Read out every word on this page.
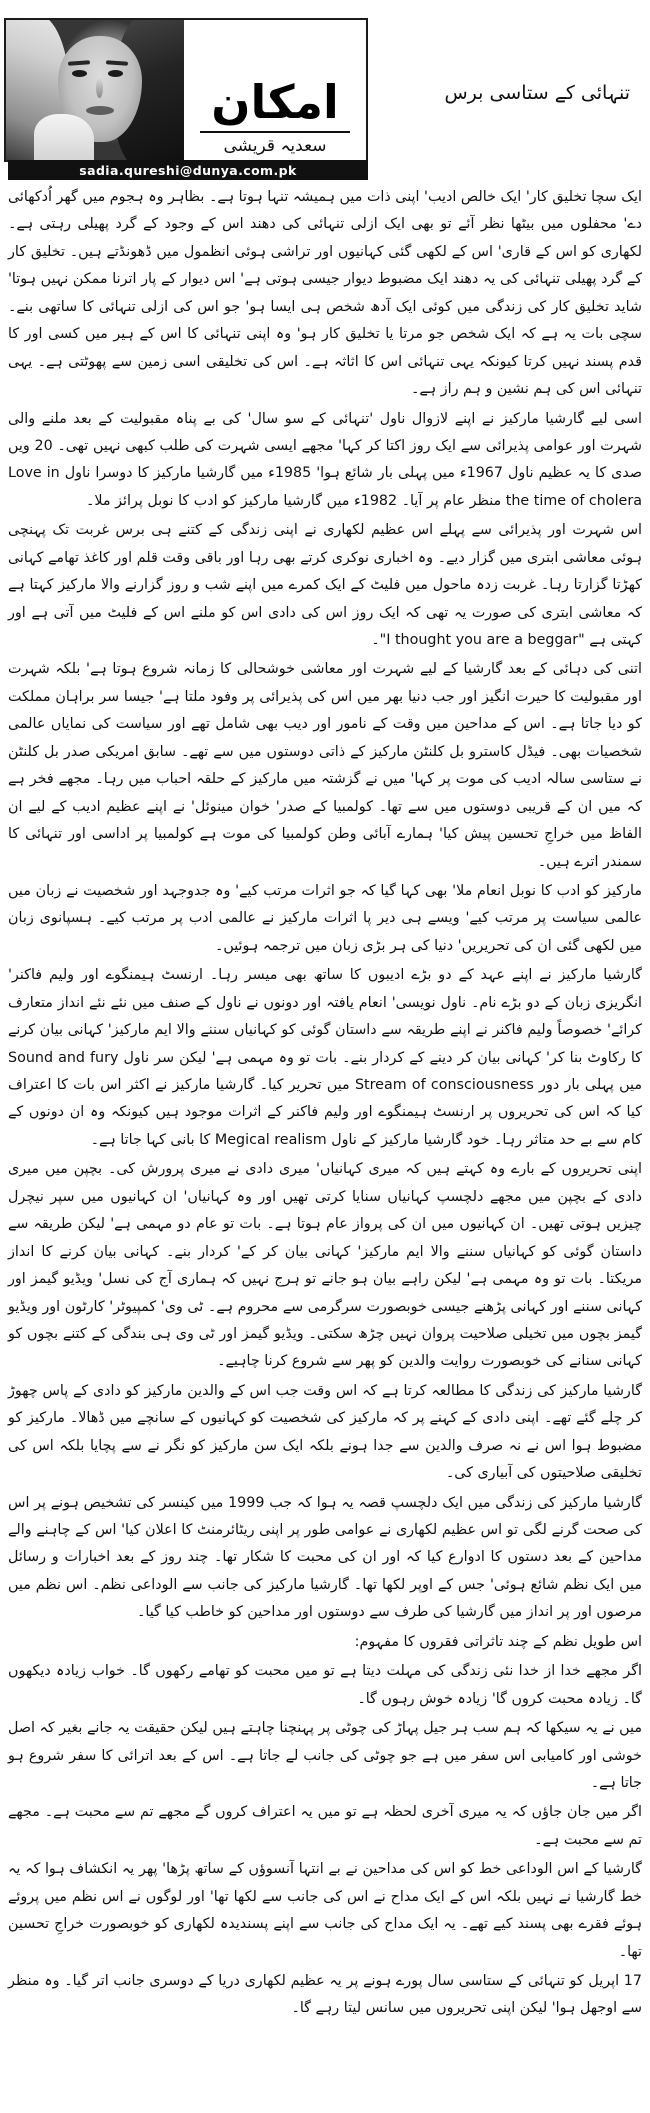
امکان
سعدیہ قریشی
sadia.qureshi@dunya.com.pk
تنہائی کے ستاسی برس

ایک سچا تخلیق کار' ایک خالص ادیب' اپنی ذات میں ہمیشہ تنہا ہوتا ہے۔ بظاہر وہ ہجوم میں گھر اُدکھائی دے' محفلوں میں بیٹھا نظر آئے تو بھی ایک ازلی تنہائی کی دھند اس کے وجود کے گرد پھیلی رہتی ہے۔ لکھاری کو اس کے قاری' اس کے لکھی گئی کہانیوں اور تراشی ہوئی انظمول میں ڈھونڈتے ہیں۔ تخلیق کار کے گرد پھیلی تنہائی کی یہ دھند ایک مضبوط دیوار جیسی ہوتی ہے' اس دیوار کے پار اترنا ممکن نہیں ہوتا' شاید تخلیق کار کی زندگی میں کوئی ایک آدھ شخص ہی ایسا ہو' جو اس کی ازلی تنہائی کا ساتھی بنے۔ سچی بات یہ ہے کہ ایک شخص جو مرتا یا تخلیق کار ہو' وہ اپنی تنہائی کا اس کے ہیر میں کسی اور کا قدم پسند نہیں کرتا کیونکہ یہی تنہائی اس کا اثاثہ ہے۔ اس کی تخلیقی اسی زمین سے پھوٹتی ہے۔ یہی تنہائی اس کی ہم نشین و ہم راز ہے۔

اسی لیے گارشیا مارکیز نے اپنے لازوال ناول 'تنہائی کے سو سال' کی بے پناہ مقبولیت کے بعد ملنے والی شہرت اور عوامی پذیرائی سے ایک روز اکتا کر کہا' مجھے ایسی شہرت کی طلب کبھی نہیں تھی۔ 20 ویں صدی کا یہ عظیم ناول 1967ء میں پہلی بار شائع ہوا' 1985ء میں گارشیا مارکیز کا دوسرا ناول Love in the time of cholera منظر عام پر آیا۔ 1982ء میں گارشیا مارکیز کو ادب کا نوبل پرائز ملا۔

اس شہرت اور پذیرائی سے پہلے اس عظیم لکھاری نے اپنی زندگی کے کتنے ہی برس غربت تک پہنچی ہوئی معاشی ابتری میں گزار دیے۔ وہ اخباری نوکری کرتے بھی رہا اور باقی وقت قلم اور کاغذ تھامے کہانی کھڑتا گزارتا رہا۔ غربت زدہ ماحول میں فلیٹ کے ایک کمرے میں اپنے شب و روز گزارنے والا مارکیز کہتا ہے کہ معاشی ابتری کی صورت یہ تھی کہ ایک روز اس کی دادی اس کو ملنے اس کے فلیٹ میں آتی ہے اور کہتی ہے "I thought you are a beggar"۔

اتنی کی دہائی کے بعد گارشیا کے لیے شہرت اور معاشی خوشحالی کا زمانہ شروع ہوتا ہے' بلکہ شہرت اور مقبولیت کا حیرت انگیز اور جب دنیا بھر میں اس کی پذیرائی پر وفود ملتا ہے' جیسا سر براہان مملکت کو دیا جاتا ہے۔ اس کے مداحین میں وقت کے نامور اور دیب بھی شامل تھے اور سیاست کی نمایاں عالمی شخصیات بھی۔ فیڈل کاسترو بل کلنٹن مارکیز کے ذاتی دوستوں میں سے تھے۔ سابق امریکی صدر بل کلنٹن نے ستاسی سالہ ادیب کی موت پر کہا' میں نے گزشتہ میں مارکیز کے حلقہ احباب میں رہا۔ مجھے فخر ہے کہ میں ان کے قریبی دوستوں میں سے تھا۔ کولمبیا کے صدر' خوان مینوئل' نے اپنے عظیم ادیب کے لیے ان الفاظ میں خراجِ تحسین پیش کیا' ہمارے آبائی وطن کولمبیا کی موت ہے کولمبیا پر اداسی اور تنہائی کا سمندر اترے ہیں۔

مارکیز کو ادب کا نوبل انعام ملا' بھی کہا گیا کہ جو اثرات مرتب کیے' وہ جدوجہد اور شخصیت نے زبان میں عالمی سیاست پر مرتب کیے' ویسے ہی دیر پا اثرات مارکیز نے عالمی ادب پر مرتب کیے۔ ہسپانوی زبان میں لکھی گئی ان کی تحریریں' دنیا کی ہر بڑی زبان میں ترجمہ ہوئیں۔

گارشیا مارکیز نے اپنے عہد کے دو بڑے ادیبوں کا ساتھ بھی میسر رہا۔ ارنسٹ ہیمنگوے اور ولیم فاکنر' انگریزی زبان کے دو بڑے نام۔ ناول نویسی' انعام یافتہ اور دونوں نے ناول کے صنف میں نئے نئے انداز متعارف کرائے' خصوصاً ولیم فاکنر نے اپنے طریقہ سے داستان گوئی کو کہانیاں سننے والا ایم مارکیز' کہانی بیان کرنے کا رکاوٹ بنا کر' کہانی بیان کر دینے کے کردار بنے۔ بات تو وہ مہمی ہے' لیکن سر ناول Sound and fury میں پہلی بار دور Stream of consciousness میں تحریر کیا۔ گارشیا مارکیز نے اکثر اس بات کا اعتراف کیا کہ اس کی تحریروں پر ارنسٹ ہیمنگوے اور ولیم فاکنر کے اثرات موجود ہیں کیونکہ وہ ان دونوں کے کام سے بے حد متاثر رہا۔ خود گارشیا مارکیز کے ناول Megical realism کا بانی کہا جاتا ہے۔

اپنی تحریروں کے بارے وہ کہتے ہیں کہ میری کہانیاں' میری دادی نے میری پرورش کی۔ بچپن میں میری دادی کے بچپن میں مجھے دلچسپ کہانیاں سنایا کرتی تھیں اور وہ کہانیاں' ان کہانیوں میں سپر نیچرل چیزیں ہوتی تھیں۔ ان کہانیوں میں ان کی پرواز عام ہوتا ہے۔ بات تو عام دو مہمی ہے' لیکن طریقہ سے داستان گوئی کو کہانیاں سننے والا ایم مارکیز' کہانی بیان کر کے' کردار بنے۔ کہانی بیان کرنے کا انداز مریکتا۔ بات تو وہ مہمی ہے' لیکن راہے بیان ہو جانے تو ہرج نہیں کہ ہماری آج کی نسل' ویڈیو گیمز اور کہانی سننے اور کہانی پڑھنے جیسی خوبصورت سرگرمی سے محروم ہے۔ ٹی وی' کمپیوٹر' کارٹون اور ویڈیو گیمز بچوں میں تخیلی صلاحیت پروان نہیں چڑھ سکتی۔ ویڈیو گیمز اور ٹی وی ہی بندگی کے کتنے بچوں کو کہانی سنانے کی خوبصورت روایت والدین کو پھر سے شروع کرنا چاہیے۔

گارشیا مارکیز کی زندگی کا مطالعہ کرتا ہے کہ اس وقت جب اس کے والدین مارکیز کو دادی کے پاس چھوڑ کر چلے گئے تھے۔ اپنی دادی کے کہنے پر کہ مارکیز کی شخصیت کو کہانیوں کے سانچے میں ڈھالا۔ مارکیز کو مضبوط ہوا اس نے نہ صرف والدین سے جدا ہونے بلکہ ایک سن مارکیز کو نگر نے سے پچایا بلکہ اس کی تخلیقی صلاحیتوں کی آبیاری کی۔

گارشیا مارکیز کی زندگی میں ایک دلچسپ قصہ یہ ہوا کہ جب 1999 میں کینسر کی تشخیص ہونے پر اس کی صحت گرنے لگی تو اس عظیم لکھاری نے عوامی طور پر اپنی ریٹائرمنٹ کا اعلان کیا' اس کے چاہنے والے مداحین کے بعد دستوں کا ادوارع کیا کہ اور ان کی محبت کا شکار تھا۔ چند روز کے بعد اخبارات و رسائل میں ایک نظم شائع ہوئی' جس کے اوپر لکھا تھا۔ گارشیا مارکیز کی جانب سے الوداعی نظم۔ اس نظم میں مرصوں اور پر انداز میں گارشیا کی طرف سے دوستوں اور مداحین کو خاطب کیا گیا۔

اس طویل نظم کے چند تاثراتی فقروں کا مفہوم:

اگر مجھے خدا از خدا نئی زندگی کی مہلت دیتا ہے تو میں محبت کو تھامے رکھوں گا۔ خواب زیادہ دیکھوں گا۔ زیادہ محبت کروں گا' زیادہ خوش رہوں گا۔

میں نے یہ سیکھا کہ ہم سب ہر جیل پہاڑ کی چوٹی پر پہنچنا چاہتے ہیں لیکن حقیقت یہ جانے بغیر کہ اصل خوشی اور کامیابی اس سفر میں ہے جو چوٹی کی جانب لے جاتا ہے۔ اس کے بعد اترائی کا سفر شروع ہو جاتا ہے۔

اگر میں جان جاؤں کہ یہ میری آخری لحظہ ہے تو میں یہ اعتراف کروں گے مجھے تم سے محبت ہے۔ مجھے تم سے محبت ہے۔

گارشیا کے اس الوداعی خط کو اس کی مداحین نے بے انتہا آنسوؤں کے ساتھ پڑھا' پھر یہ انکشاف ہوا کہ یہ خط گارشیا نے نہیں بلکہ اس کے ایک مداح نے اس کی جانب سے لکھا تھا' اور لوگوں نے اس نظم میں پروئے ہوئے فقرے بھی پسند کیے تھے۔ یہ ایک مداح کی جانب سے اپنے پسندیدہ لکھاری کو خوبصورت خراجِ تحسین تھا۔

17 اپریل کو تنہائی کے ستاسی سال پورے ہونے پر یہ عظیم لکھاری دریا کے دوسری جانب اتر گیا۔ وہ منظر سے اوجھل ہوا' لیکن اپنی تحریروں میں سانس لیتا رہے گا۔
